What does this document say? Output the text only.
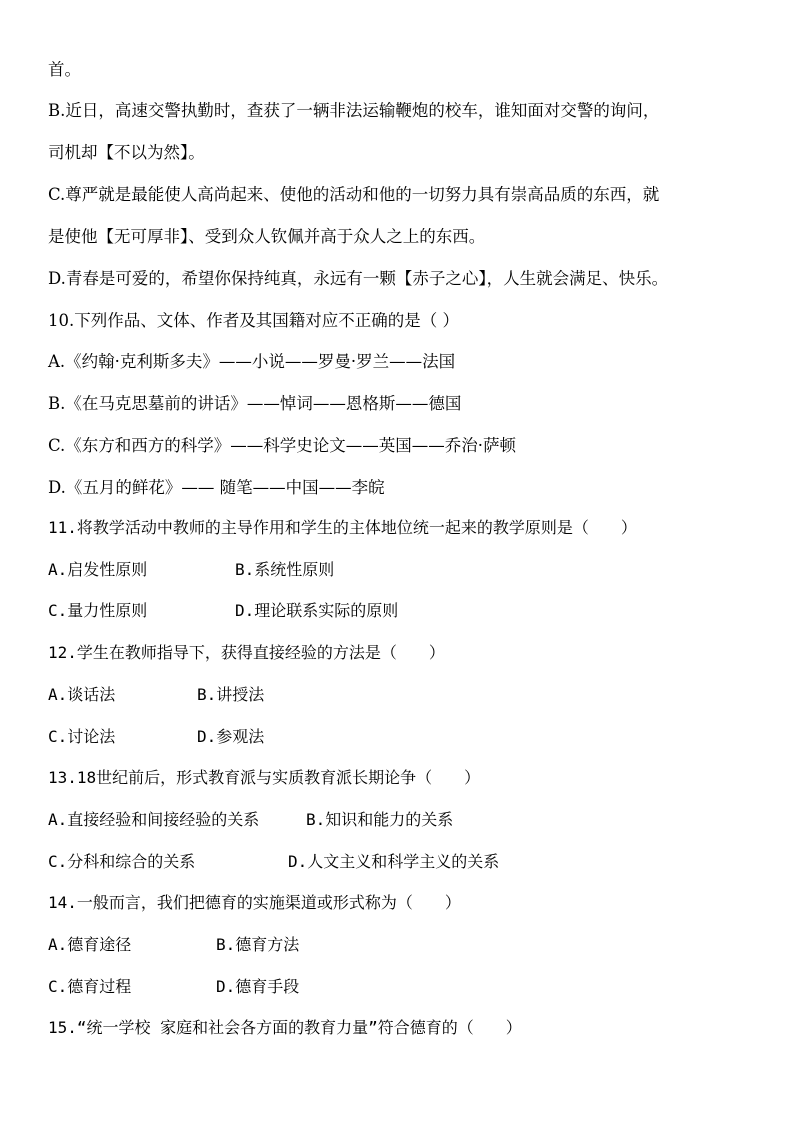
首。
B.近日，高速交警执勤时，查获了一辆非法运输鞭炮的校车，谁知面对交警的询问，
司机却【不以为然】。
C.尊严就是最能使人高尚起来、使他的活动和他的一切努力具有崇高品质的东西，就
是使他【无可厚非】、受到众人钦佩并高于众人之上的东西。
D.青春是可爱的，希望你保持纯真，永远有一颗【赤子之心】，人生就会满足、快乐。
10.下列作品、文体、作者及其国籍对应不正确的是（ ）
A.《约翰·克利斯多夫》——小说——罗曼·罗兰——法国
B.《在马克思墓前的讲话》——悼词——恩格斯——德国
C.《东方和西方的科学》——科学史论文——英国——乔治·萨顿
D.《五月的鲜花》—— 随笔——中国——李皖
11.将教学活动中教师的主导作用和学生的主体地位统一起来的教学原则是（　　）
A.启发性原则	B.系统性原则
C.量力性原则	D.理论联系实际的原则
12.学生在教师指导下，获得直接经验的方法是（　　）
A.谈话法	B.讲授法
C.讨论法	D.参观法
13.18世纪前后，形式教育派与实质教育派长期论争（　　）
A.直接经验和间接经验的关系	B.知识和能力的关系
C.分科和综合的关系	D.人文主义和科学主义的关系
14.一般而言，我们把德育的实施渠道或形式称为（　　）
A.德育途径	B.德育方法
C.德育过程	D.德育手段
15.“统一学校 家庭和社会各方面的教育力量”符合德育的（　　）
